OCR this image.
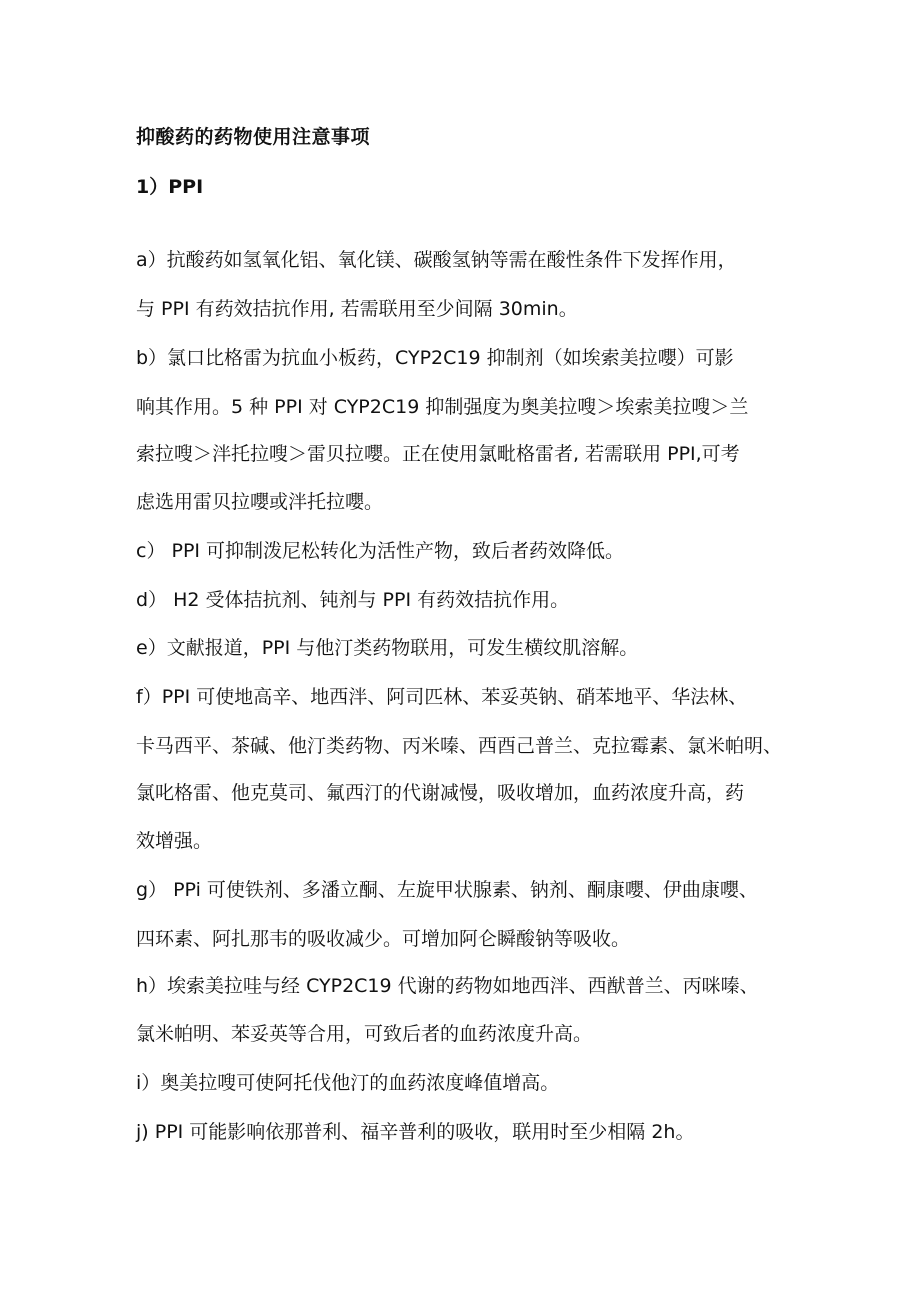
抑酸药的药物使用注意事项
1）PPI
a）抗酸药如氢氧化铝、氧化镁、碳酸氢钠等需在酸性条件下发挥作用，
与 PPI 有药效拮抗作用, 若需联用至少间隔 30min。
b）氯口比格雷为抗血小板药，CYP2C19 抑制剂（如埃索美拉嚶）可影
响其作用。5 种 PPI 对 CYP2C19 抑制强度为奥美拉嗖＞埃索美拉嗖＞兰
索拉嗖＞泮托拉嗖＞雷贝拉嚶。正在使用氯毗格雷者, 若需联用 PPI,可考
虑选用雷贝拉嚶或泮托拉嚶。
c） PPI 可抑制泼尼松转化为活性产物，致后者药效降低。
d） H2 受体拮抗剂、钝剂与 PPI 有药效拮抗作用。
e）文献报道，PPI 与他汀类药物联用，可发生横纹肌溶解。
f）PPI 可使地高辛、地西泮、阿司匹林、苯妥英钠、硝苯地平、华法林、
卡马西平、茶碱、他汀类药物、丙米嗪、西酉己普兰、克拉霉素、氯米帕明、
氯叱格雷、他克莫司、氟西汀的代谢减慢，吸收增加，血药浓度升高，药
效增强。
g） PPi 可使铁剂、多潘立酮、左旋甲状腺素、钠剂、酮康嚶、伊曲康嚶、
四环素、阿扎那韦的吸收减少。可增加阿仑瞬酸钠等吸收。
h）埃索美拉哇与经 CYP2C19 代谢的药物如地西泮、西猷普兰、丙咪嗪、
氯米帕明、苯妥英等合用，可致后者的血药浓度升高。
i）奥美拉嗖可使阿托伐他汀的血药浓度峰值增高。
j) PPI 可能影响依那普利、福辛普利的吸收，联用时至少相隔 2h。
